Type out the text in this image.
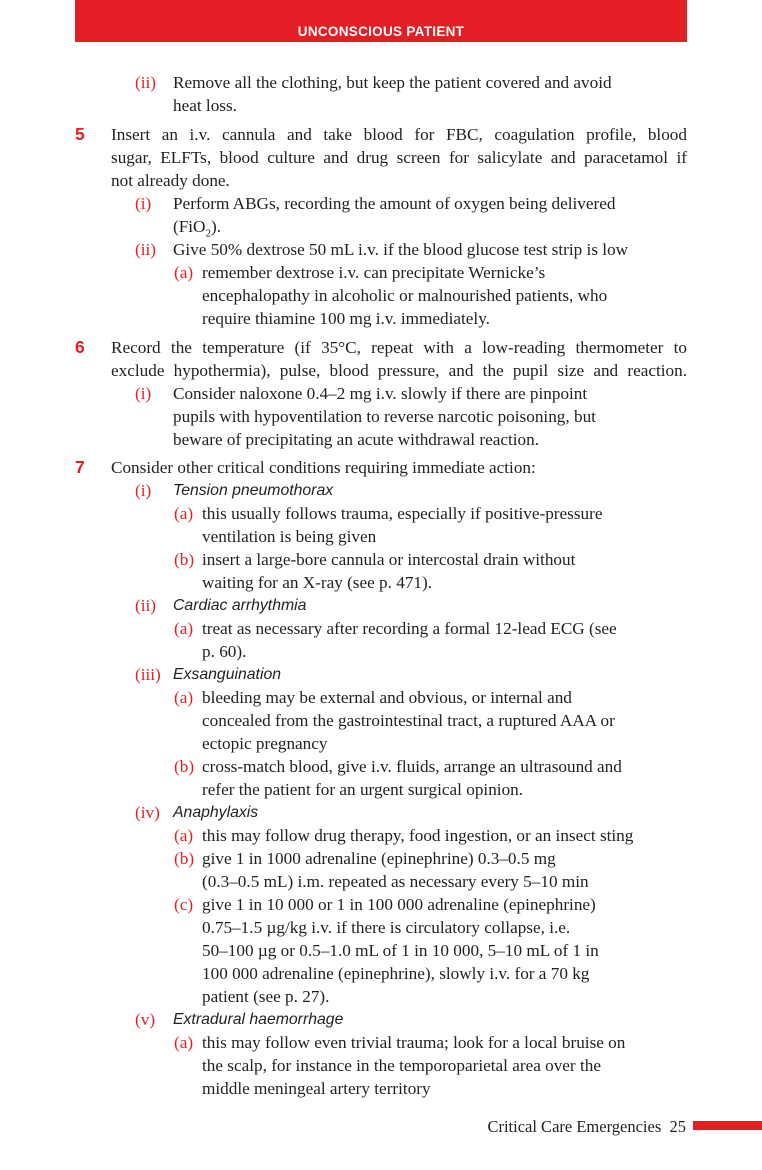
UNCONSCIOUS PATIENT
(ii) Remove all the clothing, but keep the patient covered and avoid
heat loss.
5 Insert an i.v. cannula and take blood for FBC, coagulation profile, blood
sugar, ELFTs, blood culture and drug screen for salicylate and paracetamol if
not already done.
(i) Perform ABGs, recording the amount of oxygen being delivered
(FiO$_2$).
(ii) Give 50% dextrose 50 mL i.v. if the blood glucose test strip is low
(a) remember dextrose i.v. can precipitate Wernicke’s
encephalopathy in alcoholic or malnourished patients, who
require thiamine 100 mg i.v. immediately.
6 Record the temperature (if 35°C, repeat with a low-reading thermometer to
exclude hypothermia), pulse, blood pressure, and the pupil size and reaction.
(i) Consider naloxone 0.4–2 mg i.v. slowly if there are pinpoint
pupils with hypoventilation to reverse narcotic poisoning, but
beware of precipitating an acute withdrawal reaction.
7 Consider other critical conditions requiring immediate action:
(i) Tension pneumothorax
(a) this usually follows trauma, especially if positive-pressure
ventilation is being given
(b) insert a large-bore cannula or intercostal drain without
waiting for an X-ray (see p. 471).
(ii) Cardiac arrhythmia
(a) treat as necessary after recording a formal 12-lead ECG (see
p. 60).
(iii) Exsanguination
(a) bleeding may be external and obvious, or internal and
concealed from the gastrointestinal tract, a ruptured AAA or
ectopic pregnancy
(b) cross-match blood, give i.v. fluids, arrange an ultrasound and
refer the patient for an urgent surgical opinion.
(iv) Anaphylaxis
(a) this may follow drug therapy, food ingestion, or an insect sting
(b) give 1 in 1000 adrenaline (epinephrine) 0.3–0.5 mg
(0.3–0.5 mL) i.m. repeated as necessary every 5–10 min
(c) give 1 in 10 000 or 1 in 100 000 adrenaline (epinephrine)
0.75–1.5 µg/kg i.v. if there is circulatory collapse, i.e.
50–100 µg or 0.5–1.0 mL of 1 in 10 000, 5–10 mL of 1 in
100 000 adrenaline (epinephrine), slowly i.v. for a 70 kg
patient (see p. 27).
(v) Extradural haemorrhage
(a) this may follow even trivial trauma; look for a local bruise on
the scalp, for instance in the temporoparietal area over the
middle meningeal artery territory
Critical Care Emergencies 25
